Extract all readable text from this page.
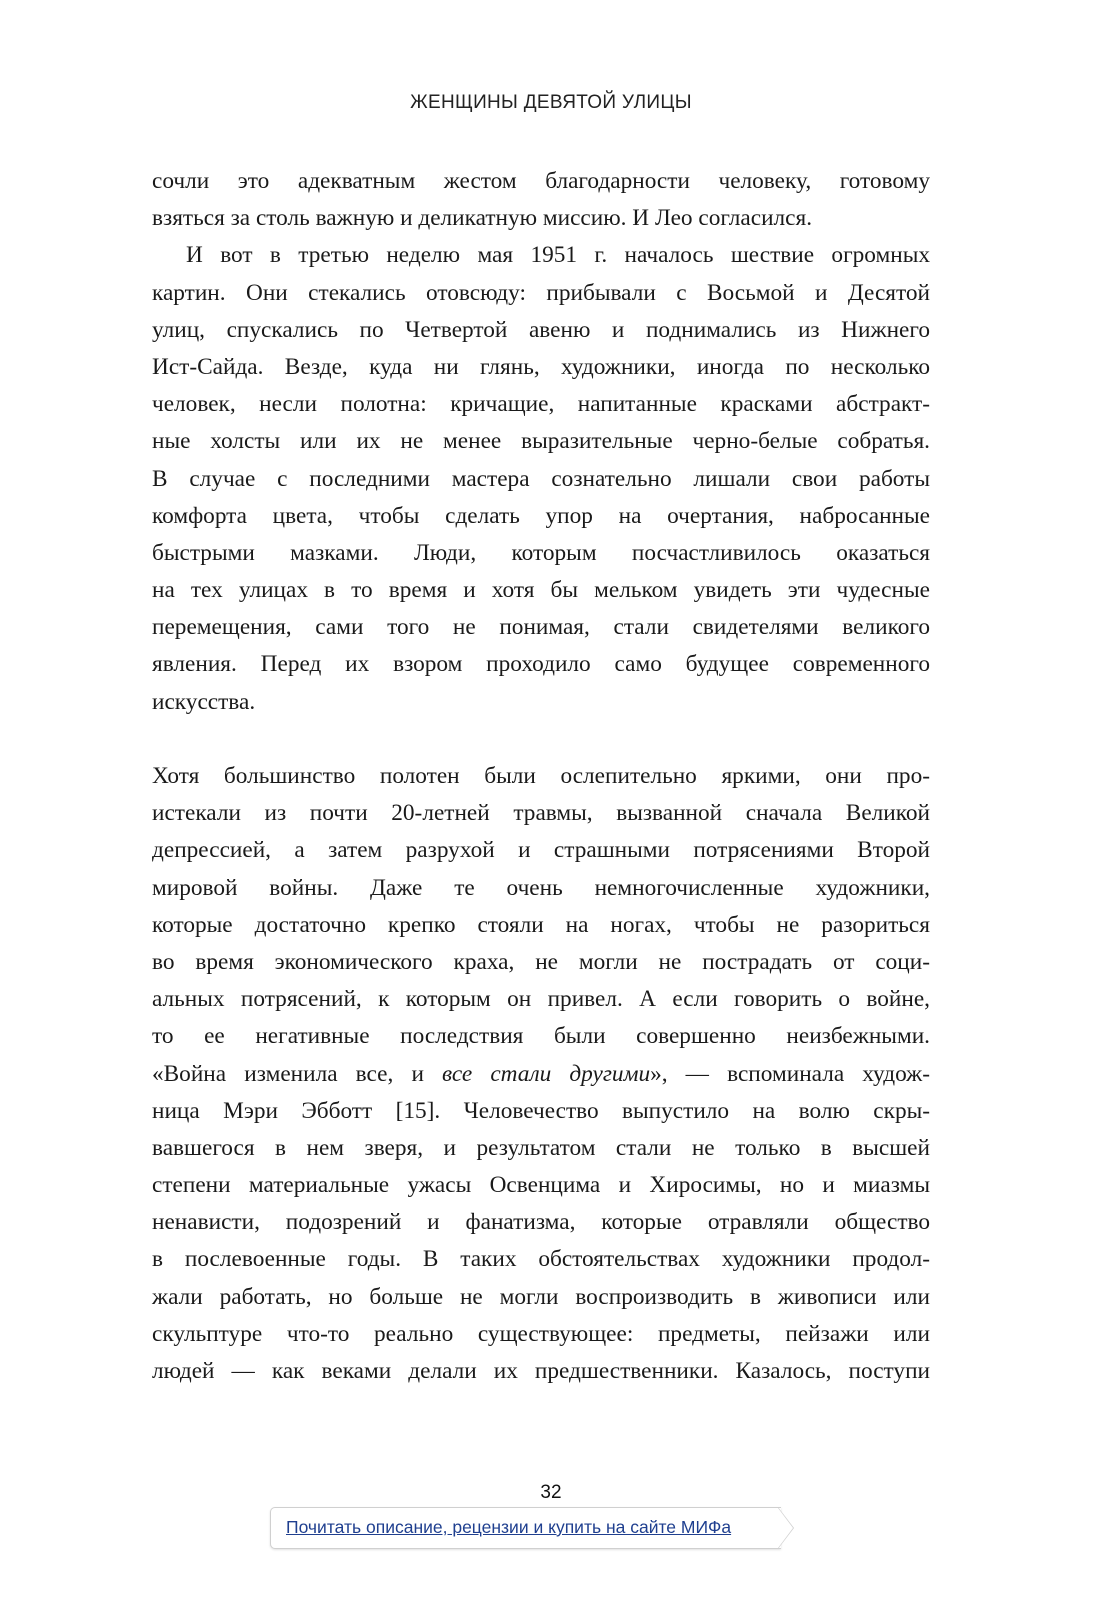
ЖЕНЩИНЫ ДЕВЯТОЙ УЛИЦЫ
сочли это адекватным жестом благодарности человеку, готовому
взяться за столь важную и деликатную миссию. И Лео согласился.
И вот в третью неделю мая 1951 г. началось шествие огромных
картин. Они стекались отовсюду: прибывали с Восьмой и Десятой
улиц, спускались по Четвертой авеню и поднимались из Нижнего
Ист-Сайда. Везде, куда ни глянь, художники, иногда по несколько
человек, несли полотна: кричащие, напитанные красками абстракт-
ные холсты или их не менее выразительные черно-белые собратья.
В случае с последними мастера сознательно лишали свои работы
комфорта цвета, чтобы сделать упор на очертания, набросанные
быстрыми мазками. Люди, которым посчастливилось оказаться
на тех улицах в то время и хотя бы мельком увидеть эти чудесные
перемещения, сами того не понимая, стали свидетелями великого
явления. Перед их взором проходило само будущее современного
искусства.
Хотя большинство полотен были ослепительно яркими, они про-
истекали из почти 20-летней травмы, вызванной сначала Великой
депрессией, а затем разрухой и страшными потрясениями Второй
мировой войны. Даже те очень немногочисленные художники,
которые достаточно крепко стояли на ногах, чтобы не разориться
во время экономического краха, не могли не пострадать от соци-
альных потрясений, к которым он привел. А если говорить о войне,
то ее негативные последствия были совершенно неизбежными.
«Война изменила все, и все стали другими», — вспоминала худож-
ница Мэри Эбботт [15]. Человечество выпустило на волю скры-
вавшегося в нем зверя, и результатом стали не только в высшей
степени материальные ужасы Освенцима и Хиросимы, но и миазмы
ненависти, подозрений и фанатизма, которые отравляли общество
в послевоенные годы. В таких обстоятельствах художники продол-
жали работать, но больше не могли воспроизводить в живописи или
скульптуре что-то реально существующее: предметы, пейзажи или
людей — как веками делали их предшественники. Казалось, поступи
32
Почитать описание, рецензии и купить на сайте МИФа
